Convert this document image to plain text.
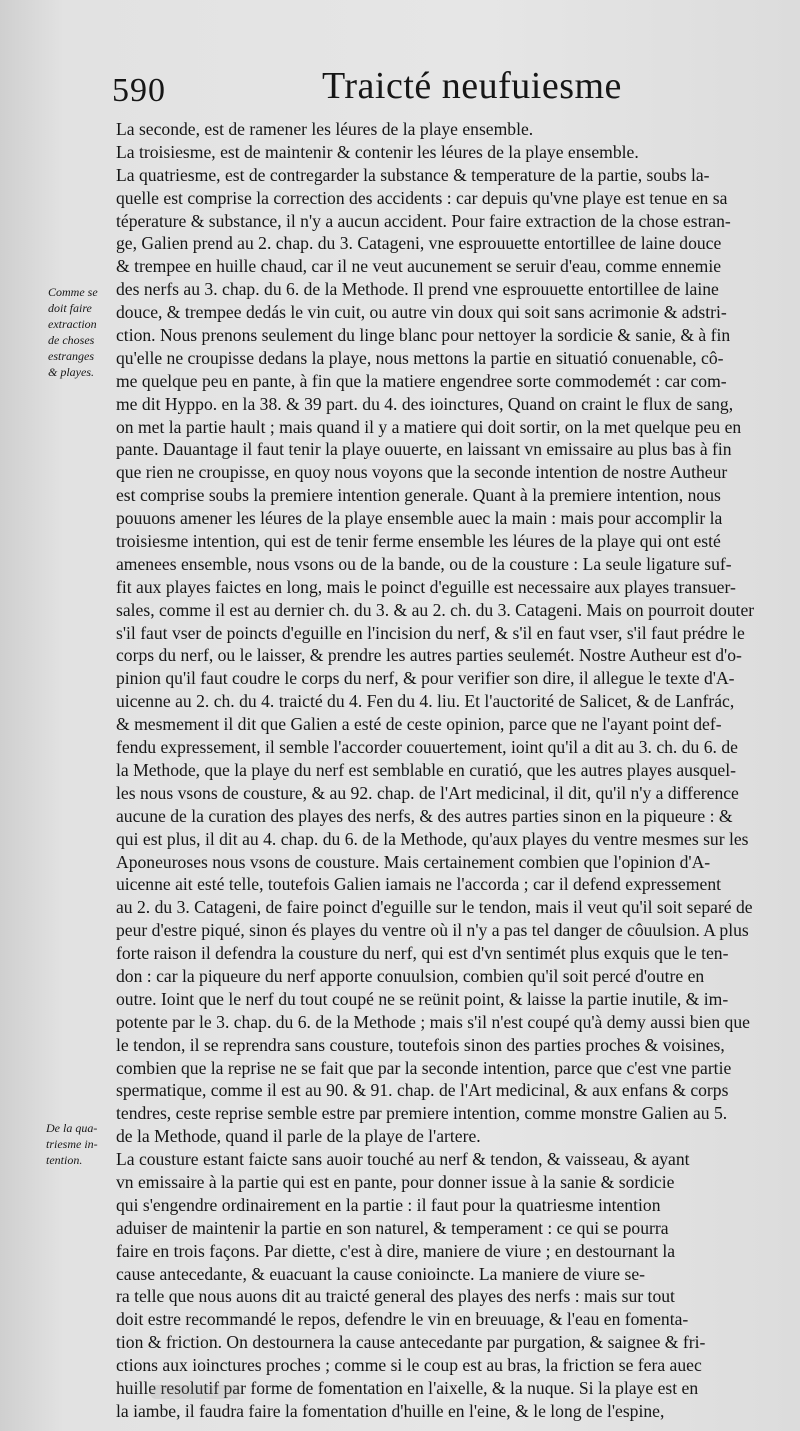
590	Traicté neufuiesme
Comme se
doit faire
extraction
de choses
estranges
& playes.
De la qua-
triesme in-
tention.
La seconde, est de ramener les léures de la playe ensemble.
La troisiesme, est de maintenir & contenir les léures de la playe ensemble.
La quatriesme, est de contregarder la substance & temperature de la partie, soubs la-
quelle est comprise la correction des accidents : car depuis qu'vne playe est tenue en sa
téperature & substance, il n'y a aucun accident. Pour faire extraction de la chose estran-
ge, Galien prend au 2. chap. du 3. Catageni, vne esprouuette entortillee de laine douce
& trempee en huille chaud, car il ne veut aucunement se seruir d'eau, comme ennemie
des nerfs au 3. chap. du 6. de la Methode. Il prend vne esprouuette entortillee de laine
douce, & trempee dedás le vin cuit, ou autre vin doux qui soit sans acrimonie & adstri-
ction. Nous prenons seulement du linge blanc pour nettoyer la sordicie & sanie, & à fin
qu'elle ne croupisse dedans la playe, nous mettons la partie en situatió conuenable, cô-
me quelque peu en pante, à fin que la matiere engendree sorte commodemét : car com-
me dit Hyppo. en la 38. & 39 part. du 4. des ioinctures, Quand on craint le flux de sang,
on met la partie hault ; mais quand il y a matiere qui doit sortir, on la met quelque peu en
pante. Dauantage il faut tenir la playe ouuerte, en laissant vn emissaire au plus bas à fin
que rien ne croupisse, en quoy nous voyons que la seconde intention de nostre Autheur
est comprise soubs la premiere intention generale. Quant à la premiere intention, nous
pouuons amener les léures de la playe ensemble auec la main : mais pour accomplir la
troisiesme intention, qui est de tenir ferme ensemble les léures de la playe qui ont esté
amenees ensemble, nous vsons ou de la bande, ou de la cousture : La seule ligature suf-
fit aux playes faictes en long, mais le poinct d'eguille est necessaire aux playes transuer-
sales, comme il est au dernier ch. du 3. & au 2. ch. du 3. Catageni. Mais on pourroit douter
s'il faut vser de poincts d'eguille en l'incision du nerf, & s'il en faut vser, s'il faut prédre le
corps du nerf, ou le laisser, & prendre les autres parties seulemét. Nostre Autheur est d'o-
pinion qu'il faut coudre le corps du nerf, & pour verifier son dire, il allegue le texte d'A-
uicenne au 2. ch. du 4. traicté du 4. Fen du 4. liu. Et l'auctorité de Salicet, & de Lanfrác,
& mesmement il dit que Galien a esté de ceste opinion, parce que ne l'ayant point def-
fendu expressement, il semble l'accorder couuertement, ioint qu'il a dit au 3. ch. du 6. de
la Methode, que la playe du nerf est semblable en curatió, que les autres playes ausquel-
les nous vsons de cousture, & au 92. chap. de l'Art medicinal, il dit, qu'il n'y a difference
aucune de la curation des playes des nerfs, & des autres parties sinon en la piqueure : &
qui est plus, il dit au 4. chap. du 6. de la Methode, qu'aux playes du ventre mesmes sur les
Aponeuroses nous vsons de cousture. Mais certainement combien que l'opinion d'A-
uicenne ait esté telle, toutefois Galien iamais ne l'accorda ; car il defend expressement
au 2. du 3. Catageni, de faire poinct d'eguille sur le tendon, mais il veut qu'il soit separé de
peur d'estre piqué, sinon és playes du ventre où il n'y a pas tel danger de côuulsion. A plus
forte raison il defendra la cousture du nerf, qui est d'vn sentimét plus exquis que le ten-
don : car la piqueure du nerf apporte conuulsion, combien qu'il soit percé d'outre en
outre. Ioint que le nerf du tout coupé ne se reünit point, & laisse la partie inutile, & im-
potente par le 3. chap. du 6. de la Methode ; mais s'il n'est coupé qu'à demy aussi bien que
le tendon, il se reprendra sans cousture, toutefois sinon des parties proches & voisines,
combien que la reprise ne se fait que par la seconde intention, parce que c'est vne partie
spermatique, comme il est au 90. & 91. chap. de l'Art medicinal, & aux enfans & corps
tendres, ceste reprise semble estre par premiere intention, comme monstre Galien au 5.
de la Methode, quand il parle de la playe de l'artere.
La cousture estant faicte sans auoir touché au nerf & tendon, & vaisseau, & ayant
vn emissaire à la partie qui est en pante, pour donner issue à la sanie & sordicie
qui s'engendre ordinairement en la partie : il faut pour la quatriesme intention
aduiser de maintenir la partie en son naturel, & temperament : ce qui se pourra
faire en trois façons. Par diette, c'est à dire, maniere de viure ; en destournant la
cause antecedante, & euacuant la cause conioincte. La maniere de viure se-
ra telle que nous auons dit au traicté general des playes des nerfs : mais sur tout
doit estre recommandé le repos, defendre le vin en breuuage, & l'eau en fomenta-
tion & friction. On destournera la cause antecedante par purgation, & saignee & fri-
ctions aux ioinctures proches ; comme si le coup est au bras, la friction se fera auec
huille resolutif par forme de fomentation en l'aixelle, & la nuque. Si la playe est en
la iambe, il faudra faire la fomentation d'huille en l'eine, & le long de l'espine,
